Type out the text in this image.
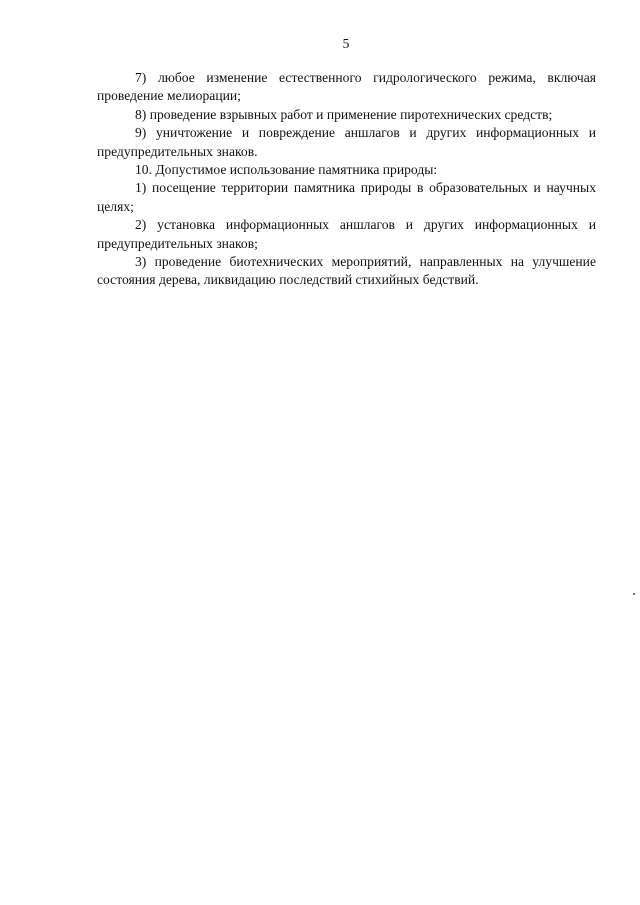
5

7) любое изменение естественного гидрологического режима, включая проведение мелиорации;

8) проведение взрывных работ и применение пиротехнических средств;

9) уничтожение и повреждение аншлагов и других информационных и предупредительных знаков.

10. Допустимое использование памятника природы:

1) посещение территории памятника природы в образовательных и научных целях;

2) установка информационных аншлагов и других информационных и предупредительных знаков;

3) проведение биотехнических мероприятий, направленных на улучшение состояния дерева, ликвидацию последствий стихийных бедствий.
